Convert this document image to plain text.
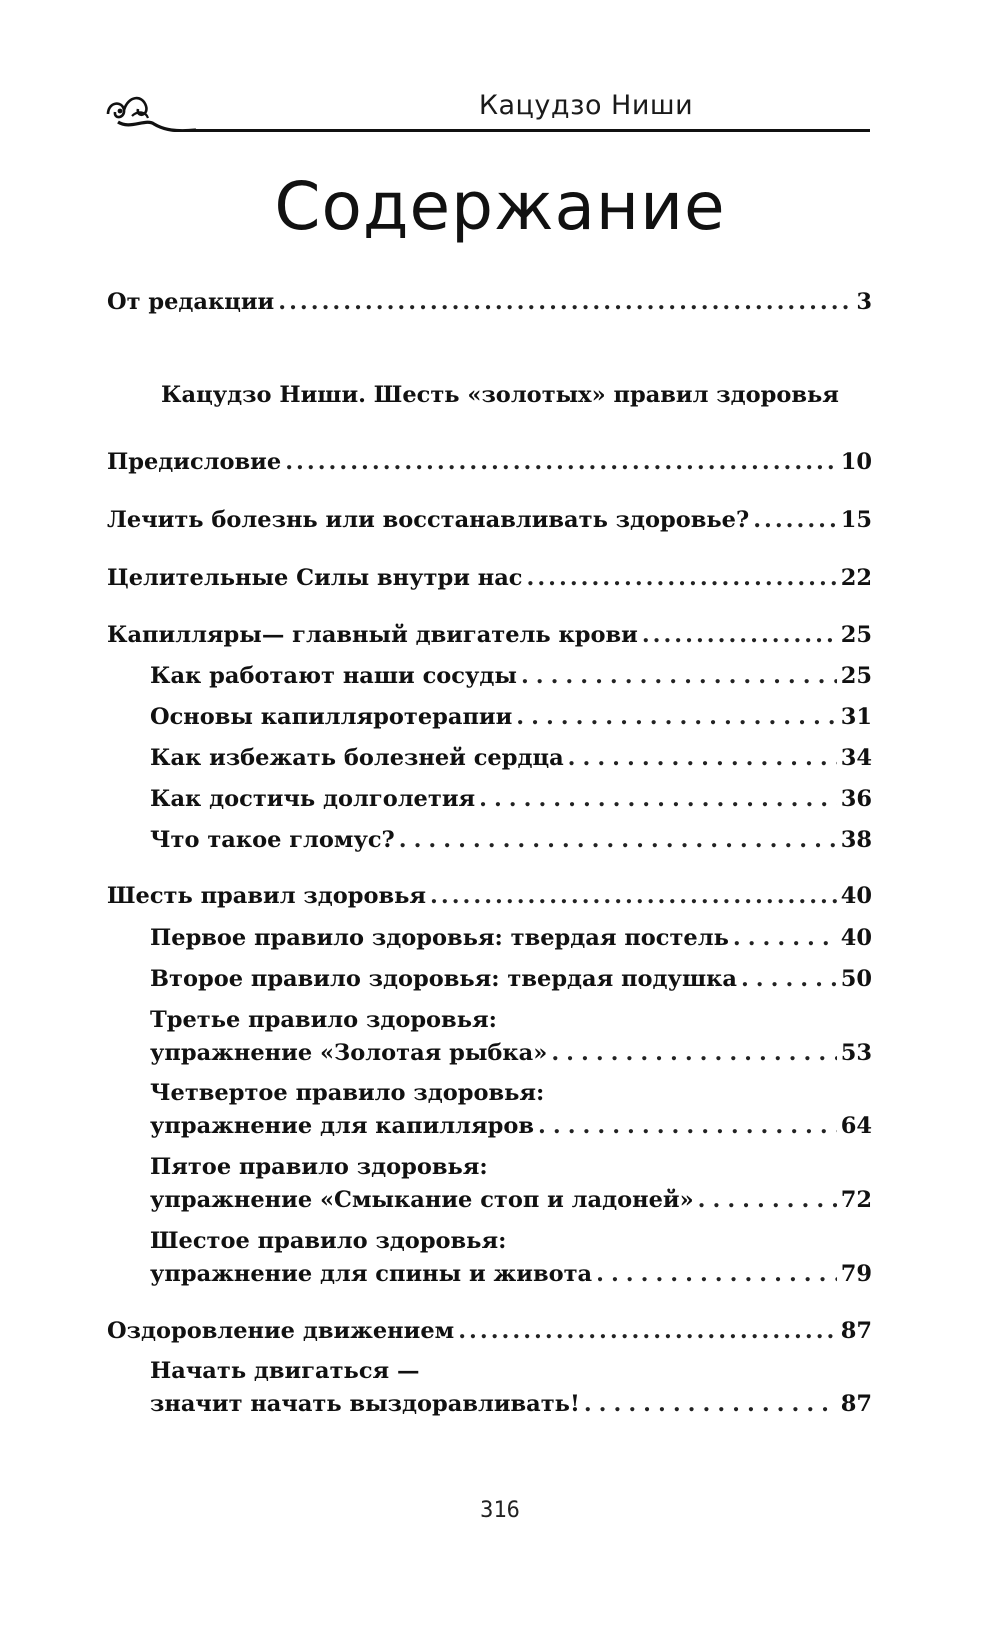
Кацудзо Ниши
Содержание
От редакции .....	3
Кацудзо Ниши. Шесть «золотых» правил здоровья
Предисловие .....	10
Лечить болезнь или восстанавливать здоровье? .....	15
Целительные Силы внутри нас .....	22
Капилляры— главный двигатель крови .....	25
Как работают наши сосуды .....	25
Основы капилляротерапии .....	31
Как избежать болезней сердца .....	34
Как достичь долголетия .....	36
Что такое гломус? .....	38
Шесть правил здоровья .....	40
Первое правило здоровья: твердая постель .....	40
Второе правило здоровья: твердая подушка .....	50
Третье правило здоровья:
упражнение «Золотая рыбка» .....	53
Четвертое правило здоровья:
упражнение для капилляров .....	64
Пятое правило здоровья:
упражнение «Смыкание стоп и ладоней» .....	72
Шестое правило здоровья:
упражнение для спины и живота .....	79
Оздоровление движением .....	87
Начать двигаться —
значит начать выздоравливать! .....	87
316
